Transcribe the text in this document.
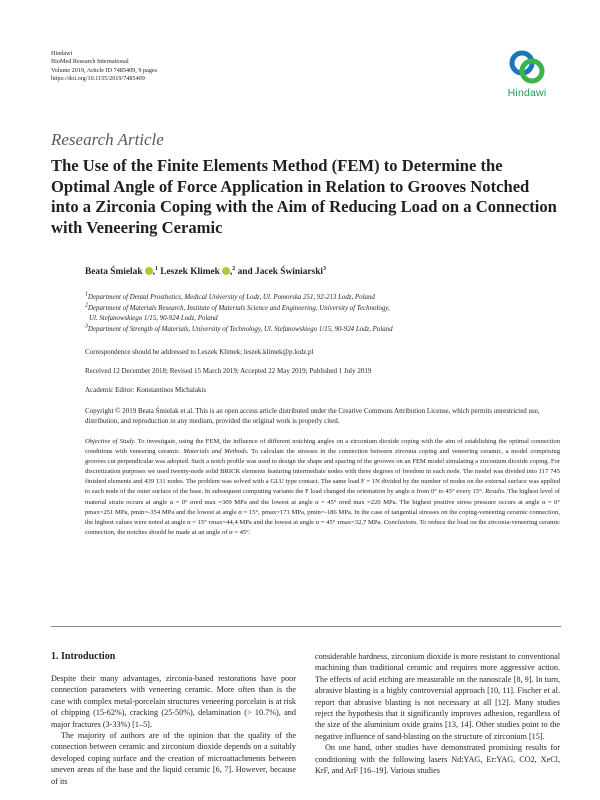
Hindawi
BioMed Research International
Volume 2019, Article ID 7485409, 9 pages
https://doi.org/10.1155/2019/7485409
Hindawi
Research Article
The Use of the Finite Elements Method (FEM) to Determine the Optimal Angle of Force Application in Relation to Grooves Notched into a Zirconia Coping with the Aim of Reducing Load on a Connection with Veneering Ceramic
Beata Śmielak ,$^1$ Leszek Klimek ,$^2$ and Jacek Świniarski$^3$
$^1$Department of Dental Prosthetics, Medical University of Lodz, Ul. Pomorska 251, 92-213 Lodz, Poland
$^2$Department of Materials Research, Institute of Materials Science and Engineering, University of Technology,
Ul. Stefanowskiego 1/15, 90-924 Lodz, Poland
$^3$Department of Strength of Materials, University of Technology, Ul. Stefanowskiego 1/15, 90-924 Lodz, Poland
Correspondence should be addressed to Leszek Klimek; leszek.klimek@p.lodz.pl
Received 12 December 2018; Revised 15 March 2019; Accepted 22 May 2019; Published 1 July 2019
Academic Editor: Konstantinos Michalakis
Copyright © 2019 Beata Śmielak et al. This is an open access article distributed under the Creative Commons Attribution License, which permits unrestricted use, distribution, and reproduction in any medium, provided the original work is properly cited.
Objective of Study. To investigate, using the FEM, the influence of different notching angles on a zirconium dioxide coping with the aim of establishing the optimal connection conditions with veneering ceramic. Materials and Methods. To calculate the stresses in the connection between zirconia coping and veneering ceramic, a model comprising grooves cut perpendicular was adopted. Such a notch profile was used to design the shape and spacing of the grooves on an FEM model simulating a zirconium dioxide coping. For discretization purposes we used twenty-node solid BRICK elements featuring intermediate nodes with three degrees of freedom in each node. The model was divided into 117 745 finished elements and 439 131 nodes. The problem was solved with a GLU type contact. The same load F = 1N divided by the number of nodes on the external surface was applied to each node of the outer surface of the base. In subsequent computing variants the F load changed the orientation by angle α from 0° to 45° every 15°. Results. The highest level of material strain occurs at angle α = 0° σred max =309 MPa and the lowest at angle α = 45° σred max =220 MPa. The highest positive stress pressure occurs at angle α = 0° pmax=251 MPa, pmin=-354 MPa and the lowest at angle α = 15°, pmax=171 MPa, pmin=-186 MPa. In the case of tangential stresses on the coping-veneering ceramic connection, the highest values were noted at angle α = 15° τmax=44,4 MPa and the lowest at angle α = 45° τmax=32,7 MPa. Conclusions. To reduce the load on the zirconia-veneering ceramic connection, the notches should be made at an angle of α = 45°.
1. Introduction

Despite their many advantages, zirconia-based restorations have poor connection parameters with veneering ceramic. More often than is the case with complex metal-porcelain structures veneering porcelain is at risk of chipping (15-62%), cracking (25-50%), delamination (> 10.7%), and major fractures (3-33%) [1–5].

The majority of authors are of the opinion that the quality of the connection between ceramic and zirconium dioxide depends on a suitably developed coping surface and the creation of microattachments between uneven areas of the base and the liquid ceramic [6, 7]. However, because of its

considerable hardness, zirconium dioxide is more resistant to conventional machining than traditional ceramic and requires more aggressive action. The effects of acid etching are measurable on the nanoscale [8, 9]. In turn, abrasive blasting is a highly controversial approach [10, 11]. Fischer et al. report that abrasive blasting is not necessary at all [12]. Many studies reject the hypothesis that it significantly improves adhesion, regardless of the size of the aluminium oxide grains [13, 14]. Other studies point to the negative influence of sand-blasting on the structure of zirconium [15].

On one hand, other studies have demonstrated promising results for conditioning with the following lasers Nd:YAG, Er:YAG, CO2, XeCl, KrF, and ArF [16–19]. Various studies
